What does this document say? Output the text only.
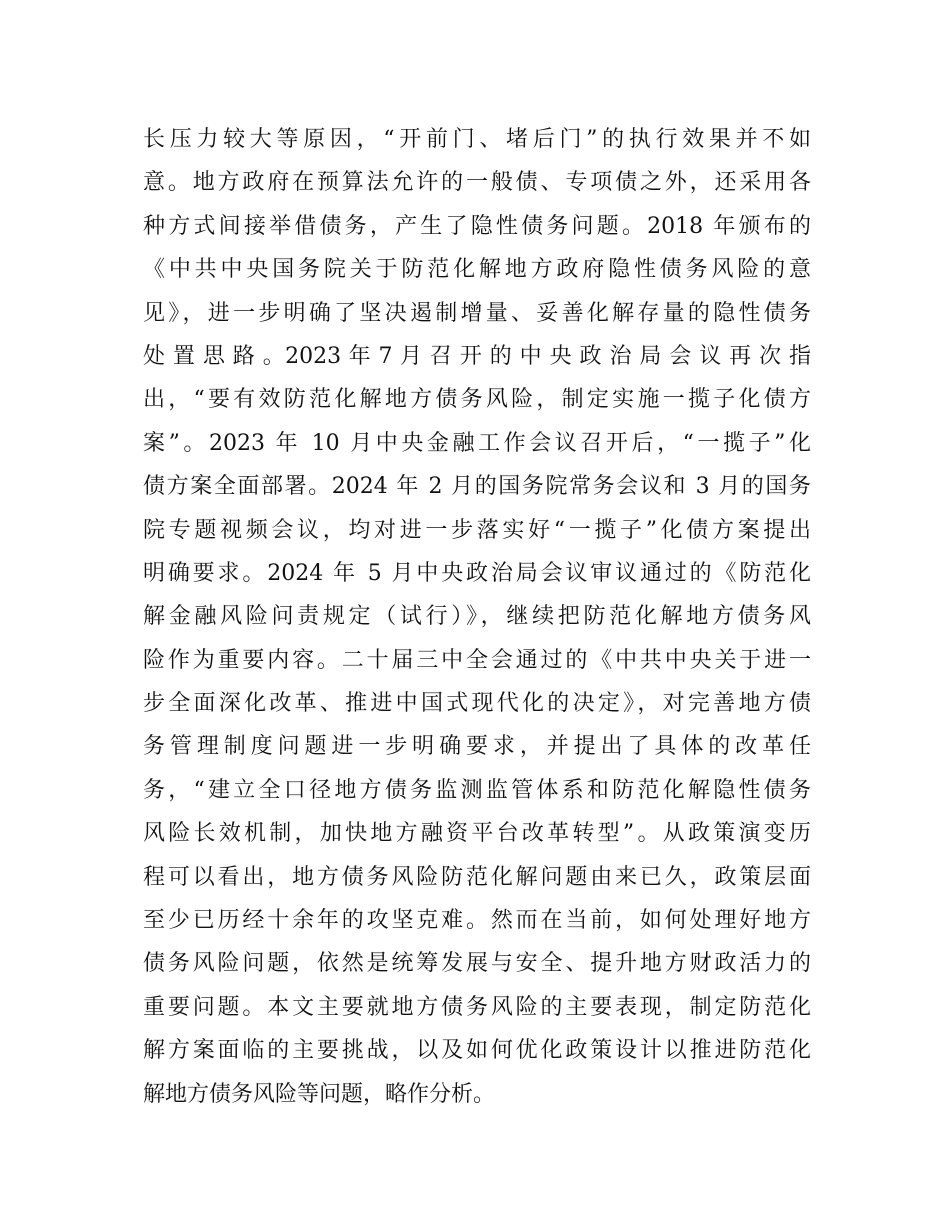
长压力较大等原因，“开前门、堵后门”的执行效果并不如
意。地方政府在预算法允许的一般债、专项债之外，还采用各
种方式间接举借债务，产生了隐性债务问题。2018 年颁布的
《中共中央国务院关于防范化解地方政府隐性债务风险的意
见》，进一步明确了坚决遏制增量、妥善化解存量的隐性债务
处 置 思 路 。2023 年 7 月 召 开 的 中 央 政 治 局 会 议 再 次 指
出，“要有效防范化解地方债务风险，制定实施一揽子化债方
案”。2023 年 10 月中央金融工作会议召开后，“一揽子”化
债方案全面部署。2024 年 2 月的国务院常务会议和 3 月的国务
院专题视频会议，均对进一步落实好“一揽子”化债方案提出
明确要求。2024 年 5 月中央政治局会议审议通过的《防范化
解金融风险问责规定（试行）》，继续把防范化解地方债务风
险作为重要内容。二十届三中全会通过的《中共中央关于进一
步全面深化改革、推进中国式现代化的决定》，对完善地方债
务管理制度问题进一步明确要求，并提出了具体的改革任
务，“建立全口径地方债务监测监管体系和防范化解隐性债务
风险长效机制，加快地方融资平台改革转型”。从政策演变历
程可以看出，地方债务风险防范化解问题由来已久，政策层面
至少已历经十余年的攻坚克难。然而在当前，如何处理好地方
债务风险问题，依然是统筹发展与安全、提升地方财政活力的
重要问题。本文主要就地方债务风险的主要表现，制定防范化
解方案面临的主要挑战，以及如何优化政策设计以推进防范化
解地方债务风险等问题，略作分析。
